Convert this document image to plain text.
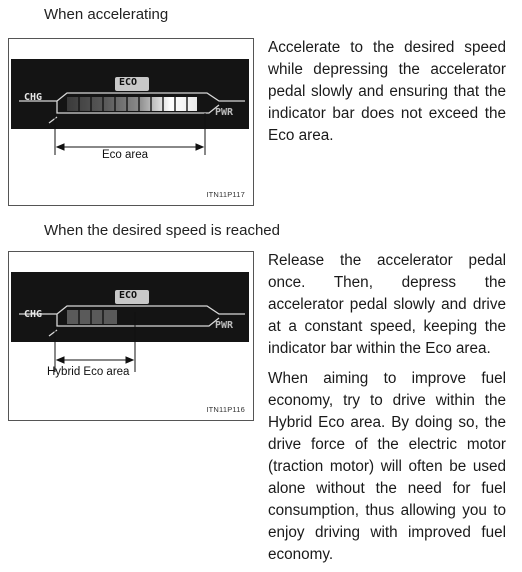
When accelerating
CHG
ECO
PWR
Eco area
ITN11P117
Accelerate to the desired speed while depressing the accelerator pedal slowly and ensuring that the indicator bar does not exceed the Eco area.
When the desired speed is reached
CHG
ECO
PWR
Hybrid Eco area
ITN11P116
Release the accelerator pedal once. Then, depress the accelerator pedal slowly and drive at a constant speed, keeping the indicator bar within the Eco area.
When aiming to improve fuel economy, try to drive within the Hybrid Eco area. By doing so, the drive force of the electric motor (traction motor) will often be used alone without the need for fuel consumption, thus allowing you to enjoy driving with improved fuel economy.
